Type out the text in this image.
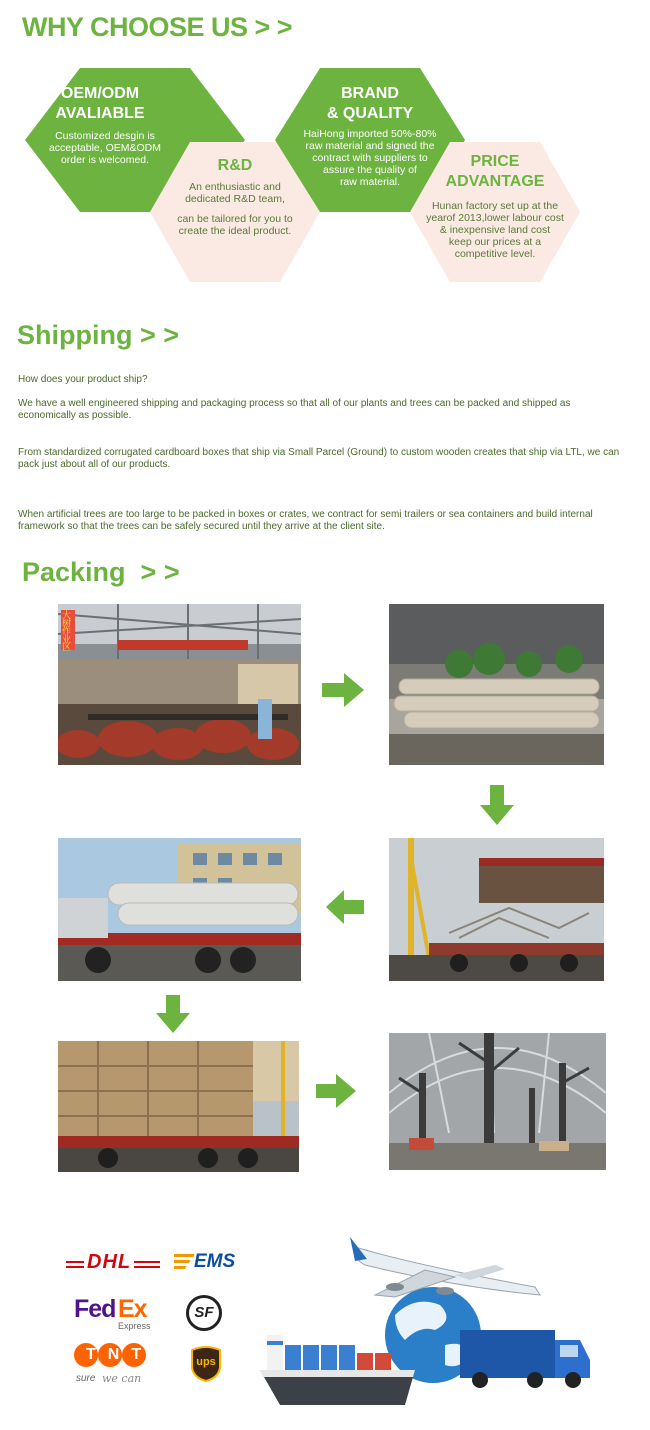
WHY CHOOSE US > >
OEM/ODM
AVALIABLE
Customized desgin is
acceptable, OEM&ODM
order is welcomed.	R&D
An enthusiastic and
dedicated R&D team,
can be tailored for you to
create the ideal product.
BRAND
& QUALITY
HaiHong imported 50%-80%
raw material and signed the
contract with suppliers to
assure the quality of
raw material.
PRICE
ADVANTAGE
Hunan factory set up at the
yearof 2013,lower labour cost
& inexpensive land cost
keep our prices at a
competitive level.
Shipping > >
How does your product ship?
We have a well engineered shipping and packaging process so that all of our plants and trees can be packed and shipped as economically as possible.
From standardized corrugated cardboard boxes that ship via Small Parcel (Ground) to custom wooden creates that ship via LTL, we can pack just about all of our products.
When artificial trees are too large to be packed in boxes or crates, we contract for semi trailers or sea containers and build internal framework so that the trees can be safely secured until they arrive at the client site.
Packing  > >
大树作业区
DHL	EMS
Fed Ex
Express
SF
TNT
sure we can
ups
